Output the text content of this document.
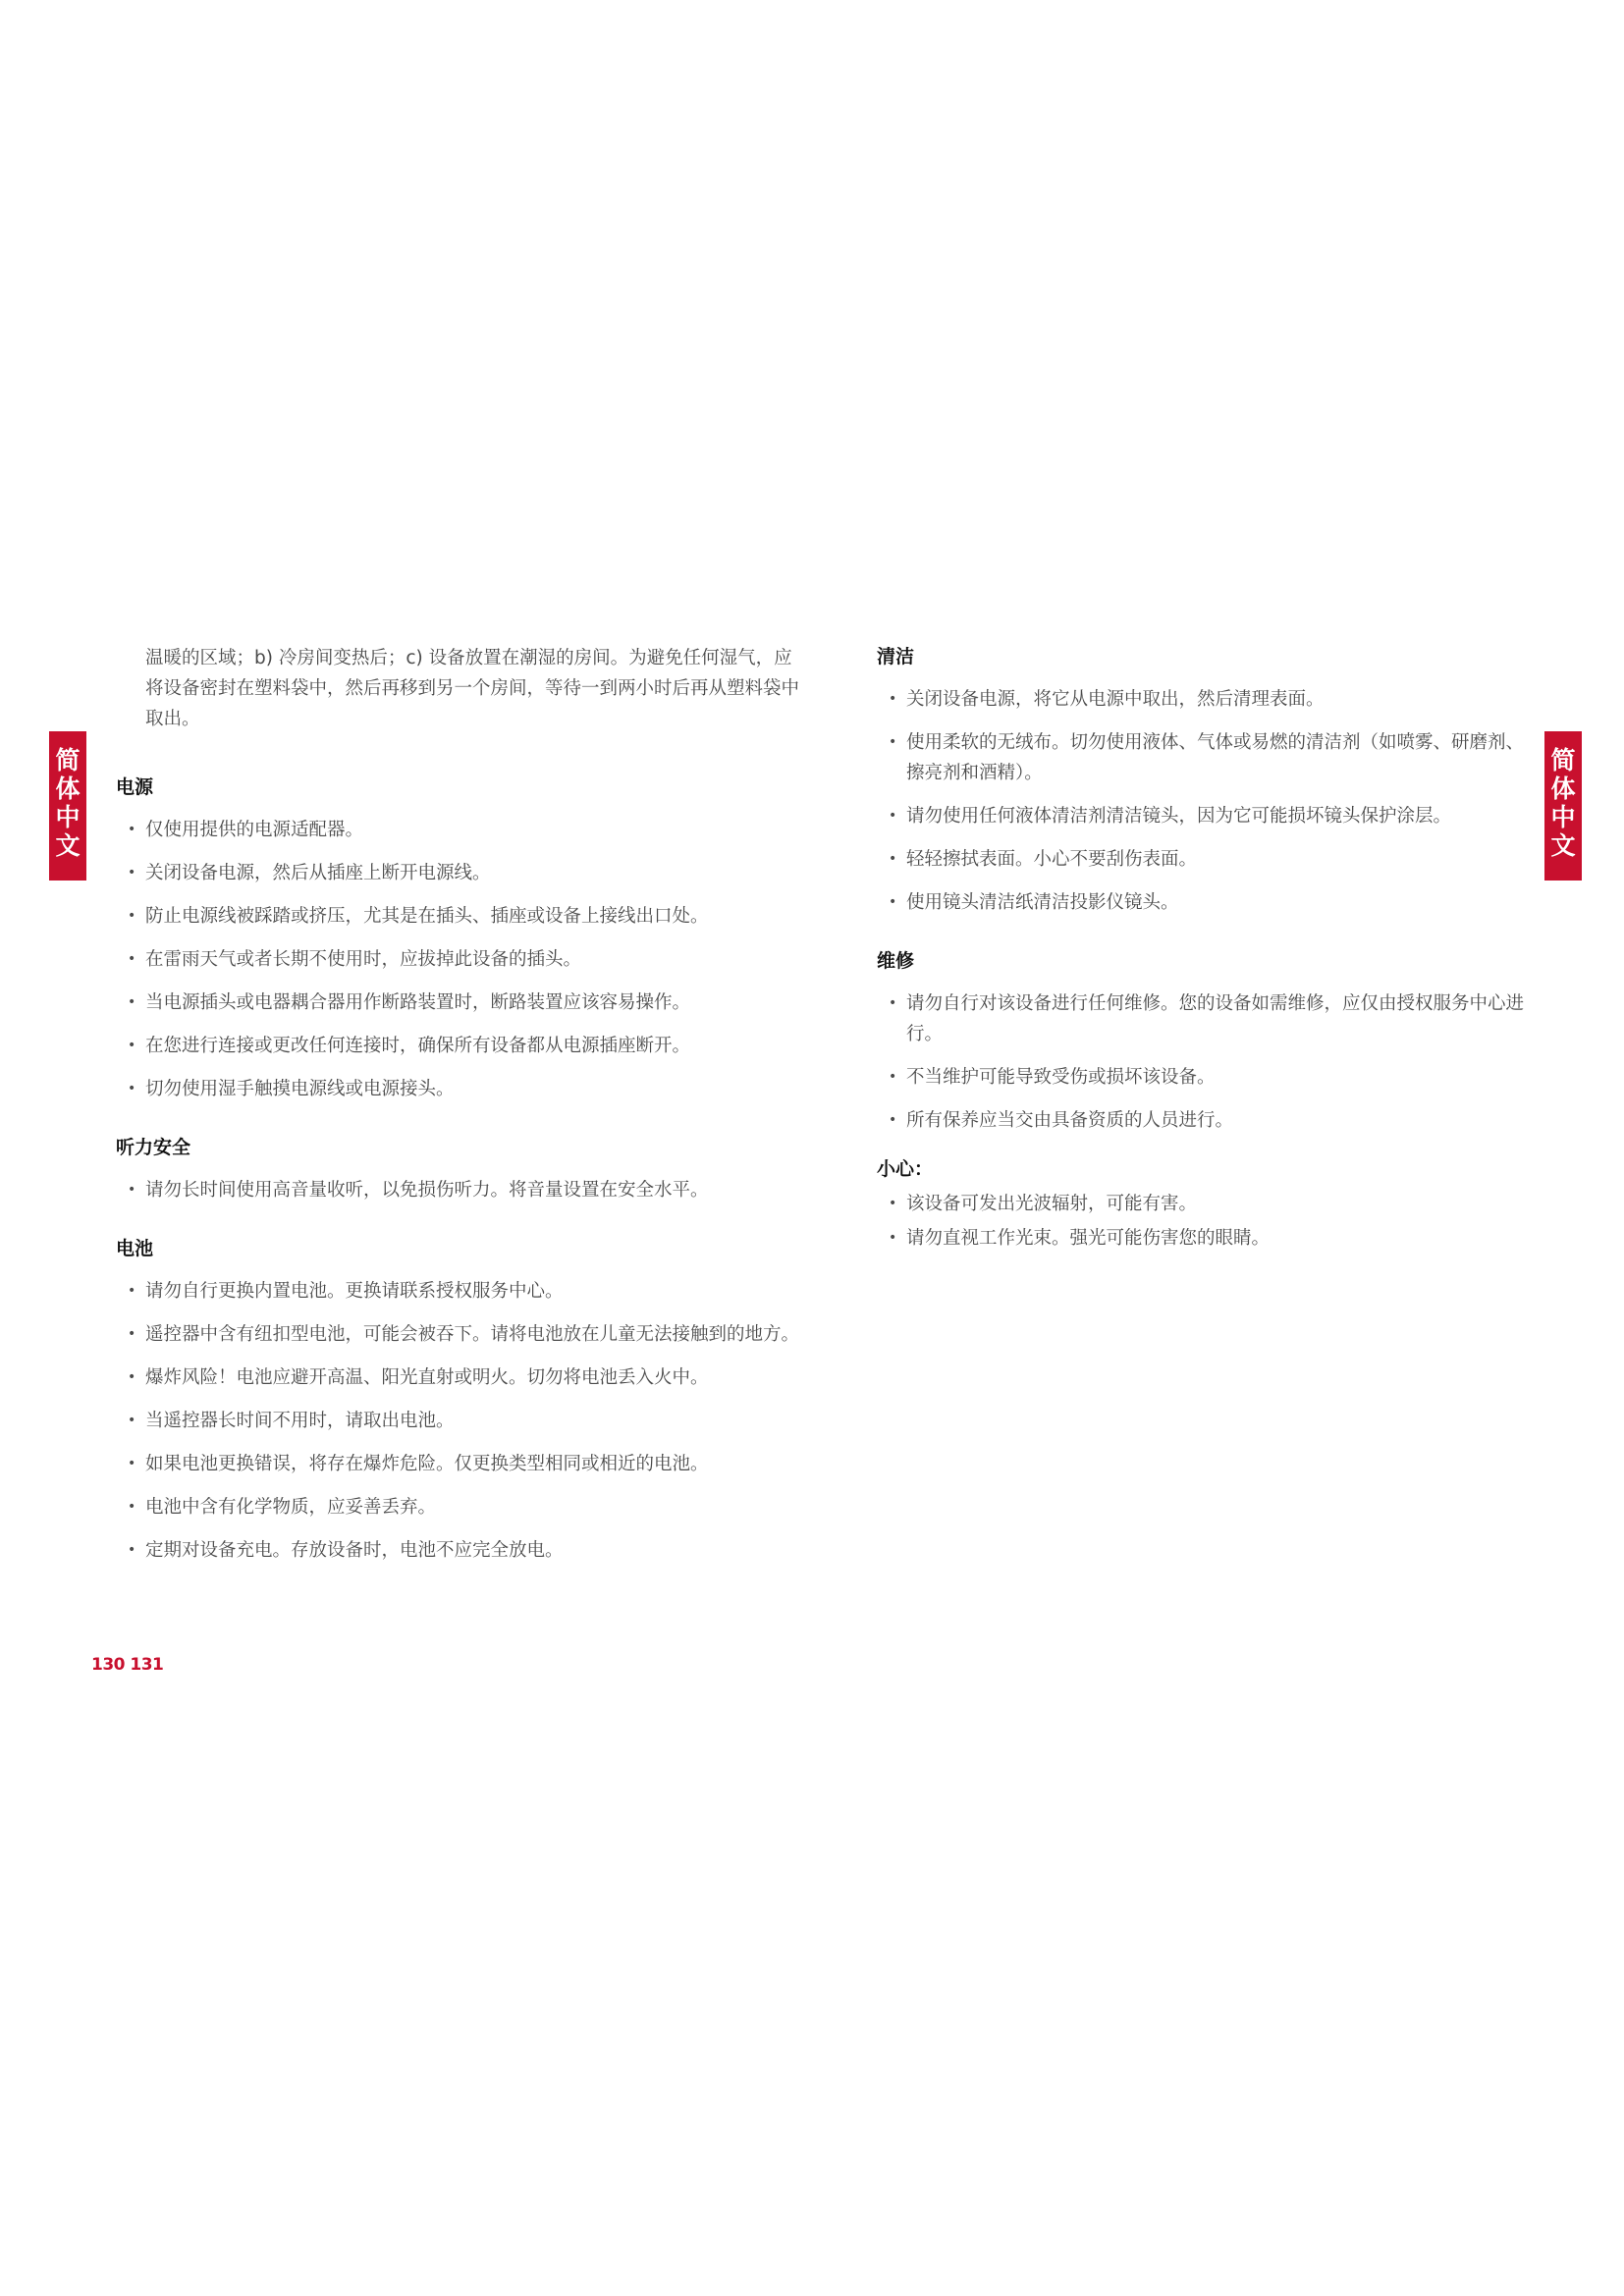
简
体
中
文
简
体
中
文

温暖的区域；b) 冷房间变热后；c) 设备放置在潮湿的房间。为避免任何湿气，应将设备密封在塑料袋中，然后再移到另一个房间，等待一到两小时后再从塑料袋中取出。

电源
• 仅使用提供的电源适配器。
• 关闭设备电源，然后从插座上断开电源线。
• 防止电源线被踩踏或挤压，尤其是在插头、插座或设备上接线出口处。
• 在雷雨天气或者长期不使用时，应拔掉此设备的插头。
• 当电源插头或电器耦合器用作断路装置时，断路装置应该容易操作。
• 在您进行连接或更改任何连接时，确保所有设备都从电源插座断开。
• 切勿使用湿手触摸电源线或电源接头。
听力安全
• 请勿长时间使用高音量收听，以免损伤听力。将音量设置在安全水平。
电池
• 请勿自行更换内置电池。更换请联系授权服务中心。
• 遥控器中含有纽扣型电池，可能会被吞下。请将电池放在儿童无法接触到的地方。
• 爆炸风险！电池应避开高温、阳光直射或明火。切勿将电池丢入火中。
• 当遥控器长时间不用时，请取出电池。
• 如果电池更换错误，将存在爆炸危险。仅更换类型相同或相近的电池。
• 电池中含有化学物质，应妥善丢弃。
• 定期对设备充电。存放设备时，电池不应完全放电。
清洁
• 关闭设备电源，将它从电源中取出，然后清理表面。
• 使用柔软的无绒布。切勿使用液体、气体或易燃的清洁剂（如喷雾、研磨剂、擦亮剂和酒精）。
• 请勿使用任何液体清洁剂清洁镜头，因为它可能损坏镜头保护涂层。
• 轻轻擦拭表面。小心不要刮伤表面。
• 使用镜头清洁纸清洁投影仪镜头。
维修
• 请勿自行对该设备进行任何维修。您的设备如需维修，应仅由授权服务中心进行。
• 不当维护可能导致受伤或损坏该设备。
• 所有保养应当交由具备资质的人员进行。
小心：
• 该设备可发出光波辐射，可能有害。
• 请勿直视工作光束。强光可能伤害您的眼睛。
130 131
